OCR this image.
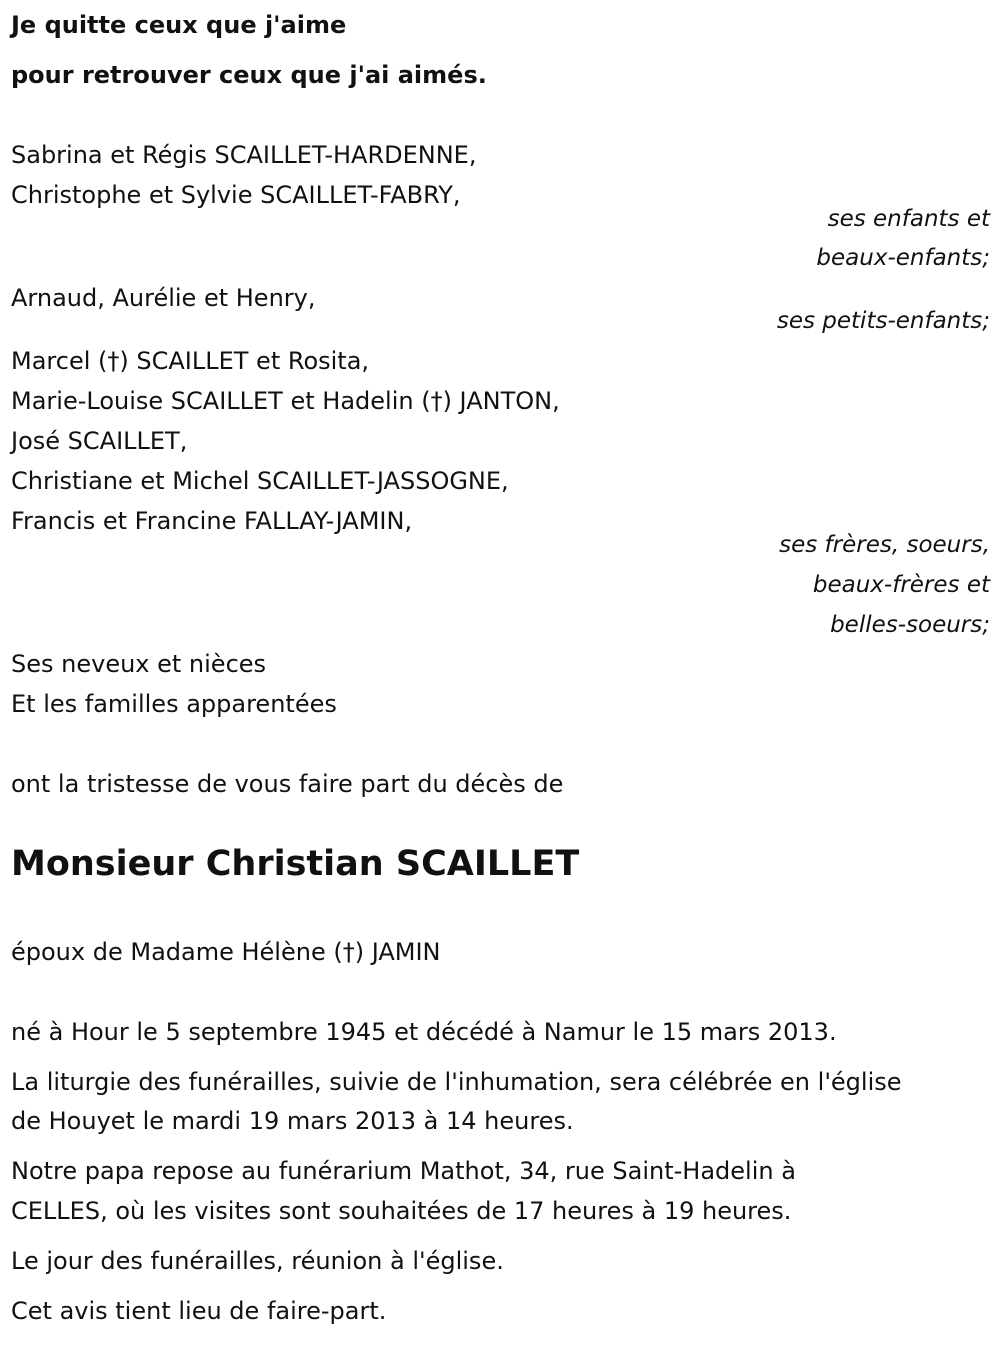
Je quitte ceux que j'aime
pour retrouver ceux que j'ai aimés.
Sabrina et Régis SCAILLET-HARDENNE,
Christophe et Sylvie SCAILLET-FABRY,
ses enfants et
beaux-enfants;
Arnaud, Aurélie et Henry,
ses petits-enfants;
Marcel (†) SCAILLET et Rosita,
Marie-Louise SCAILLET et Hadelin (†) JANTON,
José SCAILLET,
Christiane et Michel SCAILLET-JASSOGNE,
Francis et Francine FALLAY-JAMIN,
ses frères, soeurs,
beaux-frères et
belles-soeurs;
Ses neveux et nièces
Et les familles apparentées
ont la tristesse de vous faire part du décès de
Monsieur Christian SCAILLET
époux de Madame Hélène (†) JAMIN
né à Hour le 5 septembre 1945 et décédé à Namur le 15 mars 2013.
La liturgie des funérailles, suivie de l'inhumation, sera célébrée en l'église
de Houyet le mardi 19 mars 2013 à 14 heures.
Notre papa repose au funérarium Mathot, 34, rue Saint-Hadelin à
CELLES, où les visites sont souhaitées de 17 heures à 19 heures.
Le jour des funérailles, réunion à l'église.
Cet avis tient lieu de faire-part.
